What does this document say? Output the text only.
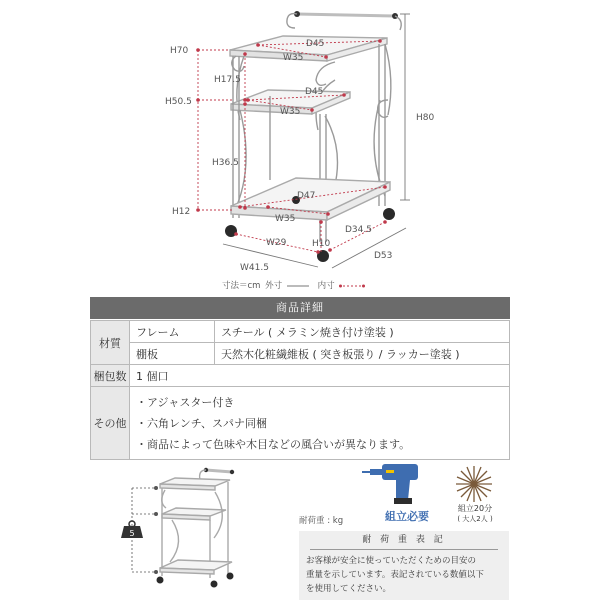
H70
H17.5
H50.5
H36.5
H12
H80
D45
W35
D45
W35
D47
W35
W29	H10
D34.5
W41.5
D53
寸法＝cm 外寸	内寸
商品詳細
材質	フレーム	スチール ( メラミン焼き付け塗装 )
	棚板	天然木化粧繊維板 ( 突き板張り / ラッカー塗装 )
梱包数	1 個口	
その他	・アジャスター付き
・六角レンチ、スパナ同梱
・商品によって色味や木目などの風合いが異なります。	
5
耐荷重 : kg	組立必要
組立20分
( 大人2人 )
耐 荷 重 表 記
お客様が安全に使っていただくための目安の
重量を示しています。表記されている数値以下
を使用してください。
